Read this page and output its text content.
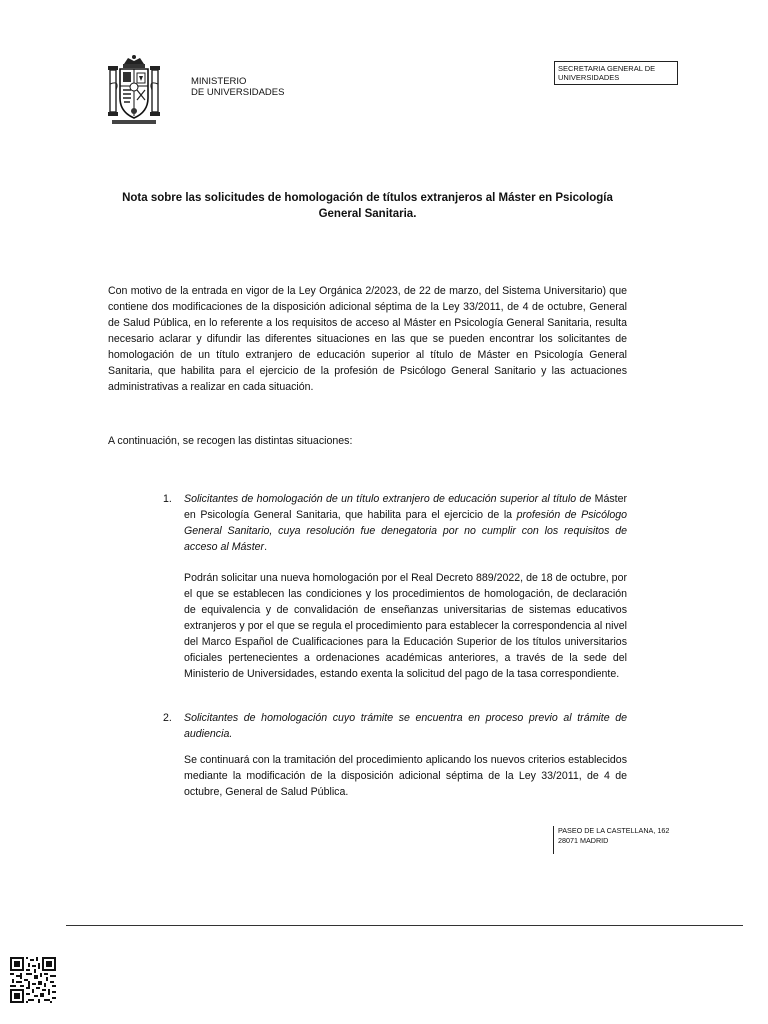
MINISTERIO
DE UNIVERSIDADES
SECRETARIA GENERAL DE
UNIVERSIDADES
Nota sobre las solicitudes de homologación de títulos extranjeros al Máster en Psicología General Sanitaria.
Con motivo de la entrada en vigor de la Ley Orgánica 2/2023, de 22 de marzo, del Sistema Universitario) que contiene dos modificaciones de la disposición adicional séptima de la Ley 33/2011, de 4 de octubre, General de Salud Pública, en lo referente a los requisitos de acceso al Máster en Psicología General Sanitaria, resulta necesario aclarar y difundir las diferentes situaciones en las que se pueden encontrar los solicitantes de homologación de un título extranjero de educación superior al título de Máster en Psicología General Sanitaria, que habilita para el ejercicio de la profesión de Psicólogo General Sanitario y las actuaciones administrativas a realizar en cada situación.
A continuación, se recogen las distintas situaciones:
1. Solicitantes de homologación de un título extranjero de educación superior al título de Máster en Psicología General Sanitaria, que habilita para el ejercicio de la profesión de Psicólogo General Sanitario, cuya resolución fue denegatoria por no cumplir con los requisitos de acceso al Máster.
Podrán solicitar una nueva homologación por el Real Decreto 889/2022, de 18 de octubre, por el que se establecen las condiciones y los procedimientos de homologación, de declaración de equivalencia y de convalidación de enseñanzas universitarias de sistemas educativos extranjeros y por el que se regula el procedimiento para establecer la correspondencia al nivel del Marco Español de Cualificaciones para la Educación Superior de los títulos universitarios oficiales pertenecientes a ordenaciones académicas anteriores, a través de la sede del Ministerio de Universidades, estando exenta la solicitud del pago de la tasa correspondiente.
2. Solicitantes de homologación cuyo trámite se encuentra en proceso previo al trámite de audiencia.
Se continuará con la tramitación del procedimiento aplicando los nuevos criterios establecidos mediante la modificación de la disposición adicional séptima de la Ley 33/2011, de 4 de octubre, General de Salud Pública.
PASEO DE LA CASTELLANA, 162
28071 MADRID
